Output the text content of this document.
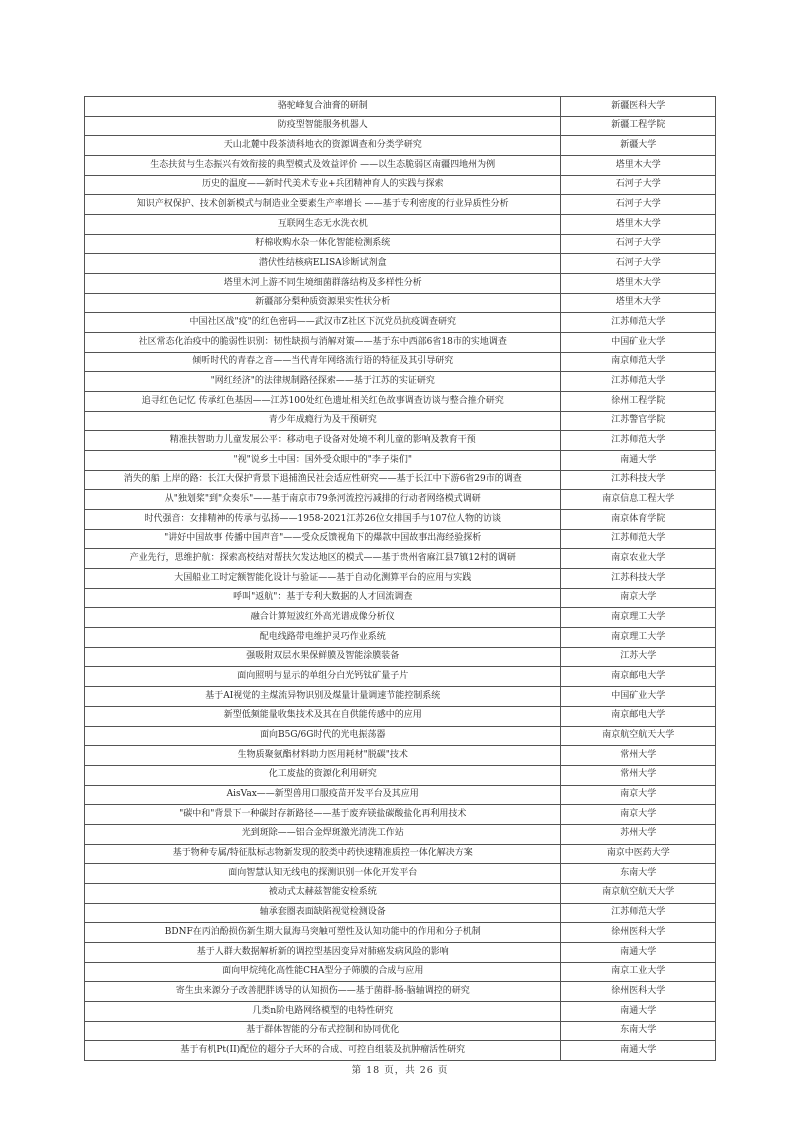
骆驼峰复合油膏的研制	新疆医科大学
防疫型智能服务机器人	新疆工程学院
天山北麓中段茶渍科地衣的资源调查和分类学研究	新疆大学
生态扶贫与生态振兴有效衔接的典型模式及效益评价 ——以生态脆弱区南疆四地州为例	塔里木大学
历史的温度——新时代美术专业+兵团精神育人的实践与探索	石河子大学
知识产权保护、技术创新模式与制造业全要素生产率增长 ——基于专利密度的行业异质性分析	石河子大学
互联网生态无水洗衣机	塔里木大学
籽棉收购水杂一体化智能检测系统	石河子大学
潜伏性结核病ELISA诊断试剂盒	石河子大学
塔里木河上游不同生境细菌群落结构及多样性分析	塔里木大学
新疆部分梨种质资源果实性状分析	塔里木大学
中国社区战"疫"的红色密码——武汉市Z社区下沉党员抗疫调查研究	江苏师范大学
社区常态化治疫中的脆弱性识别：韧性缺损与消解对策——基于东中西部6省18市的实地调查	中国矿业大学
倾听时代的青春之音——当代青年网络流行语的特征及其引导研究	南京师范大学
"网红经济"的法律规制路径探索——基于江苏的实证研究	江苏师范大学
追寻红色记忆 传承红色基因——江苏100处红色遗址相关红色故事调查访谈与整合推介研究	徐州工程学院
青少年成瘾行为及干预研究	江苏警官学院
精准扶智助力儿童发展公平：移动电子设备对处境不利儿童的影响及教育干预	江苏师范大学
"视"说乡土中国：国外受众眼中的"李子柒们"	南通大学
消失的船 上岸的路：长江大保护背景下退捕渔民社会适应性研究——基于长江中下游6省29市的调查	江苏科技大学
从"独划桨"到"众奏乐"——基于南京市79条河流控污减排的行动者网络模式调研	南京信息工程大学
时代强音：女排精神的传承与弘扬——1958-2021江苏26位女排国手与107位人物的访谈	南京体育学院
"讲好中国故事 传播中国声音"——受众反馈视角下的爆款中国故事出海经验探析	江苏师范大学
产业先行，思维护航：探索高校结对帮扶欠发达地区的模式——基于贵州省麻江县7镇12村的调研	南京农业大学
大国船业工时定额智能化设计与验证——基于自动化测算平台的应用与实践	江苏科技大学
呼叫"返航"：基于专利大数据的人才回流调查	南京大学
融合计算短波红外高光谱成像分析仪	南京理工大学
配电线路带电维护灵巧作业系统	南京理工大学
强吸附双层水果保鲜膜及智能涂膜装备	江苏大学
面向照明与显示的单组分白光钙钛矿量子片	南京邮电大学
基于AI视觉的主煤流异物识别及煤量计量调速节能控制系统	中国矿业大学
新型低频能量收集技术及其在自供能传感中的应用	南京邮电大学
面向B5G/6G时代的光电振荡器	南京航空航天大学
生物质聚氨酯材料助力医用耗材"脱碳"技术	常州大学
化工废盐的资源化利用研究	常州大学
AisVax——新型兽用口服疫苗开发平台及其应用	南京大学
"碳中和"背景下一种碳封存新路径——基于废弃镁盐碳酸盐化再利用技术	南京大学
光到斑除——铝合金焊斑激光清洗工作站	苏州大学
基于物种专属/特征肽标志物新发现的胶类中药快速精准质控一体化解决方案	南京中医药大学
面向智慧认知无线电的探测识别一体化开发平台	东南大学
被动式太赫兹智能安检系统	南京航空航天大学
轴承套圈表面缺陷视觉检测设备	江苏师范大学
BDNF在丙泊酚损伤新生期大鼠海马突触可塑性及认知功能中的作用和分子机制	徐州医科大学
基于人群大数据解析新的调控型基因变异对肺癌发病风险的影响	南通大学
面向甲烷纯化高性能CHA型分子筛膜的合成与应用	南京工业大学
寄生虫来源分子改善肥胖诱导的认知损伤——基于菌群-肠-脑轴调控的研究	徐州医科大学
几类n阶电路网络模型的电特性研究	南通大学
基于群体智能的分布式控制和协同优化	东南大学
基于有机Pt(II)配位的超分子大环的合成、可控自组装及抗肿瘤活性研究	南通大学
第 18 页，共 26 页
